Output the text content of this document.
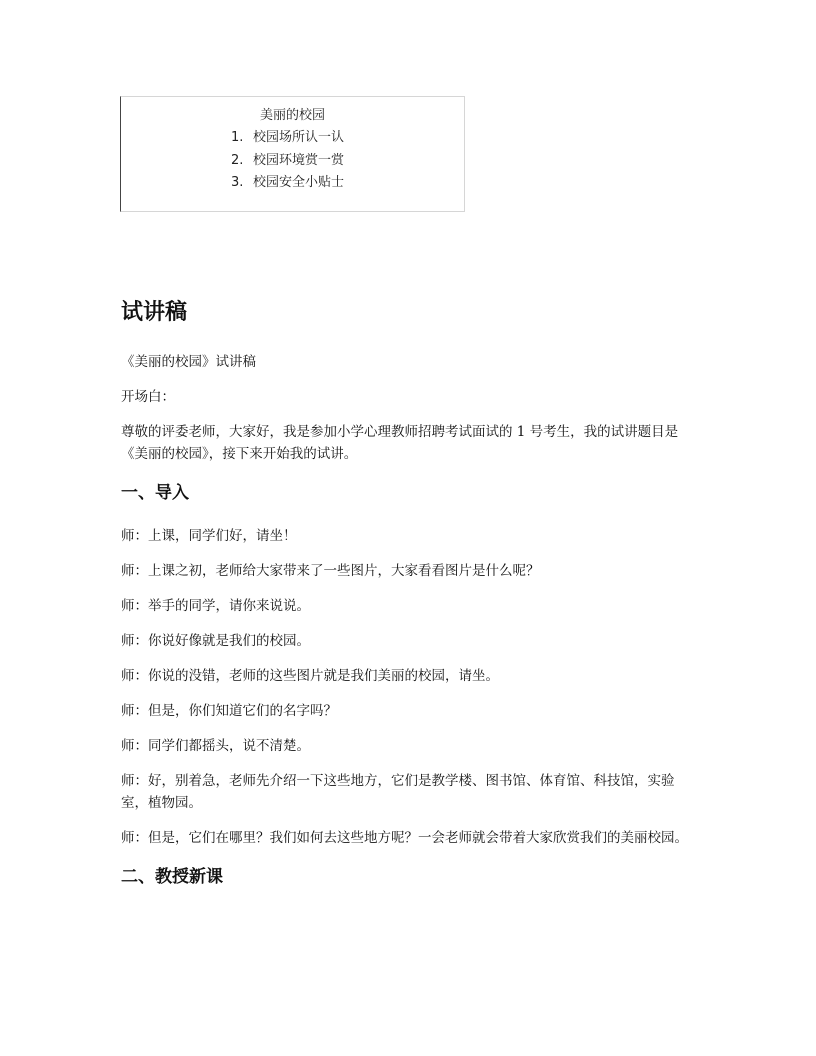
美丽的校园
1. 校园场所认一认
2. 校园环境赏一赏
3. 校园安全小贴士
试讲稿

《美丽的校园》试讲稿

开场白：

尊敬的评委老师，大家好，我是参加小学心理教师招聘考试面试的 1 号考生，我的试讲题目是《美丽的校园》，接下来开始我的试讲。

一、导入

师：上课，同学们好，请坐！

师：上课之初，老师给大家带来了一些图片，大家看看图片是什么呢？

师：举手的同学，请你来说说。

师：你说好像就是我们的校园。

师：你说的没错，老师的这些图片就是我们美丽的校园，请坐。

师：但是，你们知道它们的名字吗？

师：同学们都摇头，说不清楚。

师：好，别着急，老师先介绍一下这些地方，它们是教学楼、图书馆、体育馆、科技馆，实验室，植物园。

师：但是，它们在哪里？我们如何去这些地方呢？一会老师就会带着大家欣赏我们的美丽校园。

二、教授新课
